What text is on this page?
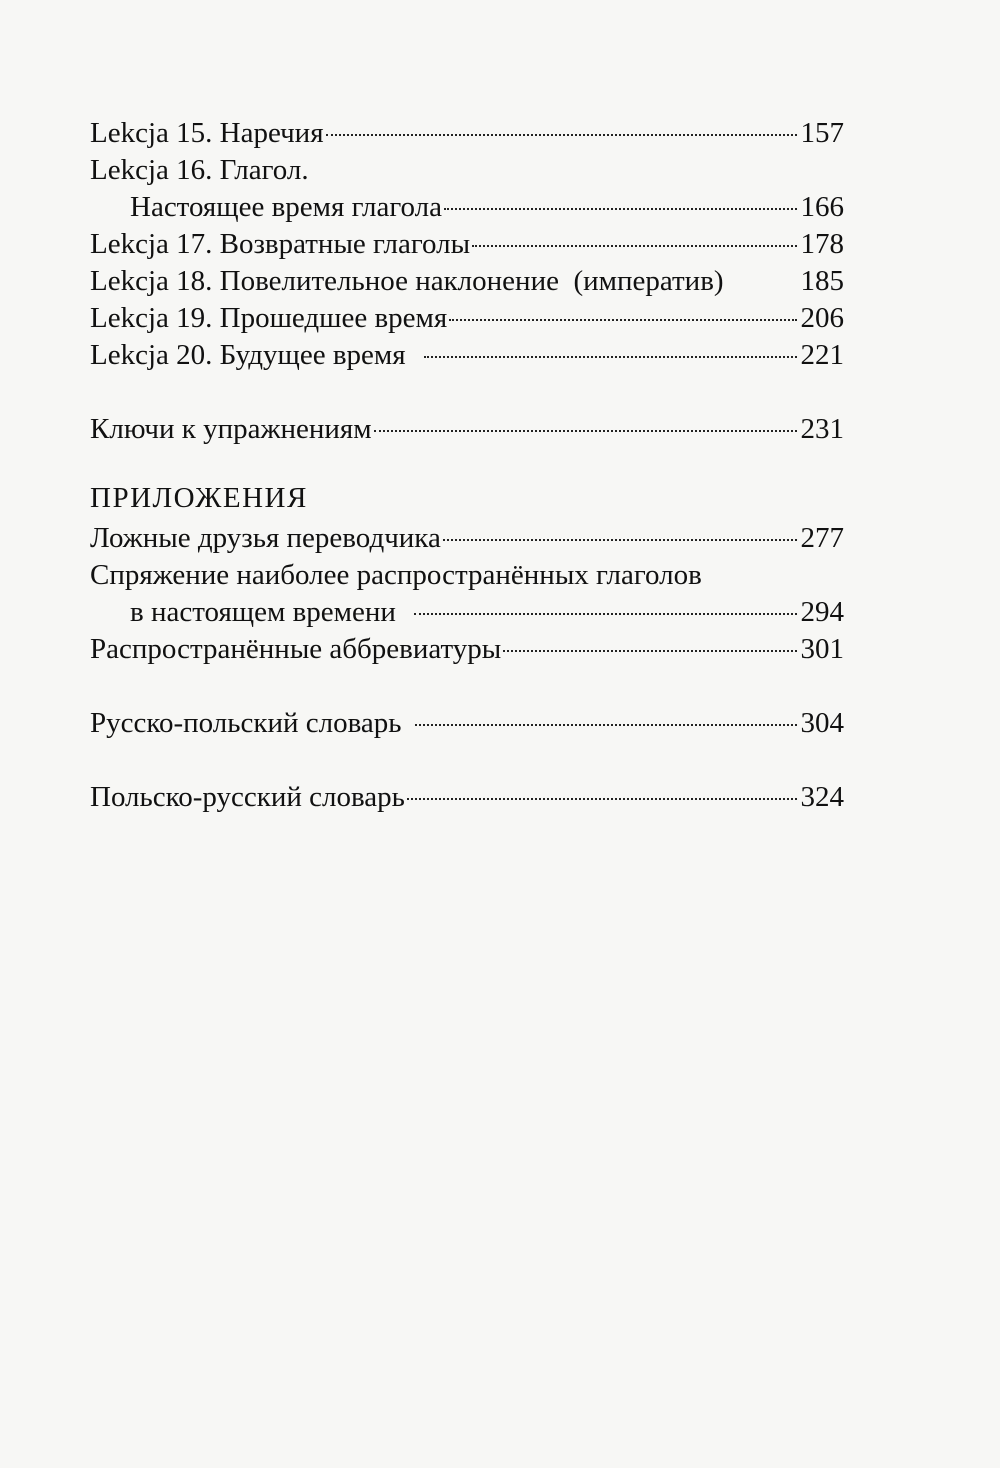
Lekcja 15. Наречия	157
Lekcja 16. Глагол.
Настоящее время глагола	166
Lekcja 17. Возвратные глаголы	178
Lekcja 18. Повелительное наклонение  (императив)	185
Lekcja 19. Прошедшее время	206
Lekcja 20. Будущее время	221
Ключи к упражнениям	231
ПРИЛОЖЕНИЯ
Ложные друзья переводчика	277
Спряжение наиболее распространённых глаголов
в настоящем времени	294
Распространённые аббревиатуры	301
Русско-польский словарь	304
Польско-русский словарь	324
